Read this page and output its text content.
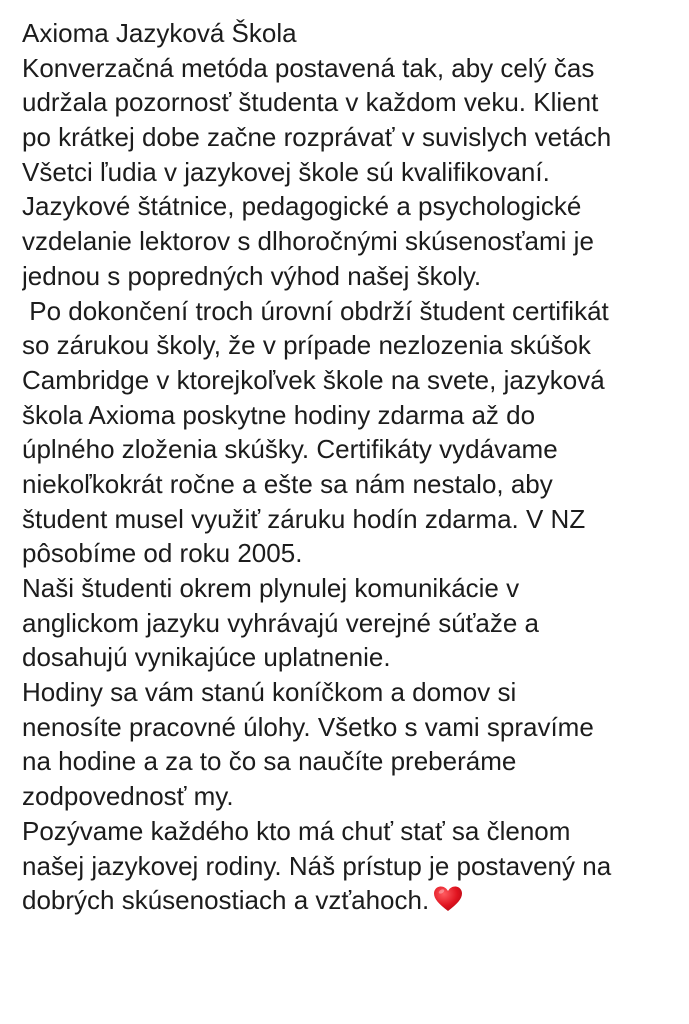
Axioma Jazyková Škola
Konverzačná metóda postavená tak, aby celý čas
udržala pozornosť študenta v každom veku. Klient
po krátkej dobe začne rozprávať v suvislych vetách
Všetci ľudia v jazykovej škole sú kvalifikovaní.
Jazykové štátnice, pedagogické a psychologické
vzdelanie lektorov s dlhoročnými skúsenosťami je
jednou s popredných výhod našej školy.
Po dokončení troch úrovní obdrží študent certifikát
so zárukou školy, že v prípade nezlozenia skúšok
Cambridge v ktorejkoľvek škole na svete, jazyková
škola Axioma poskytne hodiny zdarma až do
úplného zloženia skúšky. Certifikáty vydávame
niekoľkokrát ročne a ešte sa nám nestalo, aby
študent musel využiť záruku hodín zdarma. V NZ
pôsobíme od roku 2005.
Naši študenti okrem plynulej komunikácie v
anglickom jazyku vyhrávajú verejné súťaže a
dosahujú vynikajúce uplatnenie.
Hodiny sa vám stanú koníčkom a domov si
nenosíte pracovné úlohy. Všetko s vami spravíme
na hodine a za to čo sa naučíte preberáme
zodpovednosť my.
Pozývame každého kto má chuť stať sa členom
našej jazykovej rodiny. Náš prístup je postavený na
dobrých skúsenostiach a vzťahoch.
